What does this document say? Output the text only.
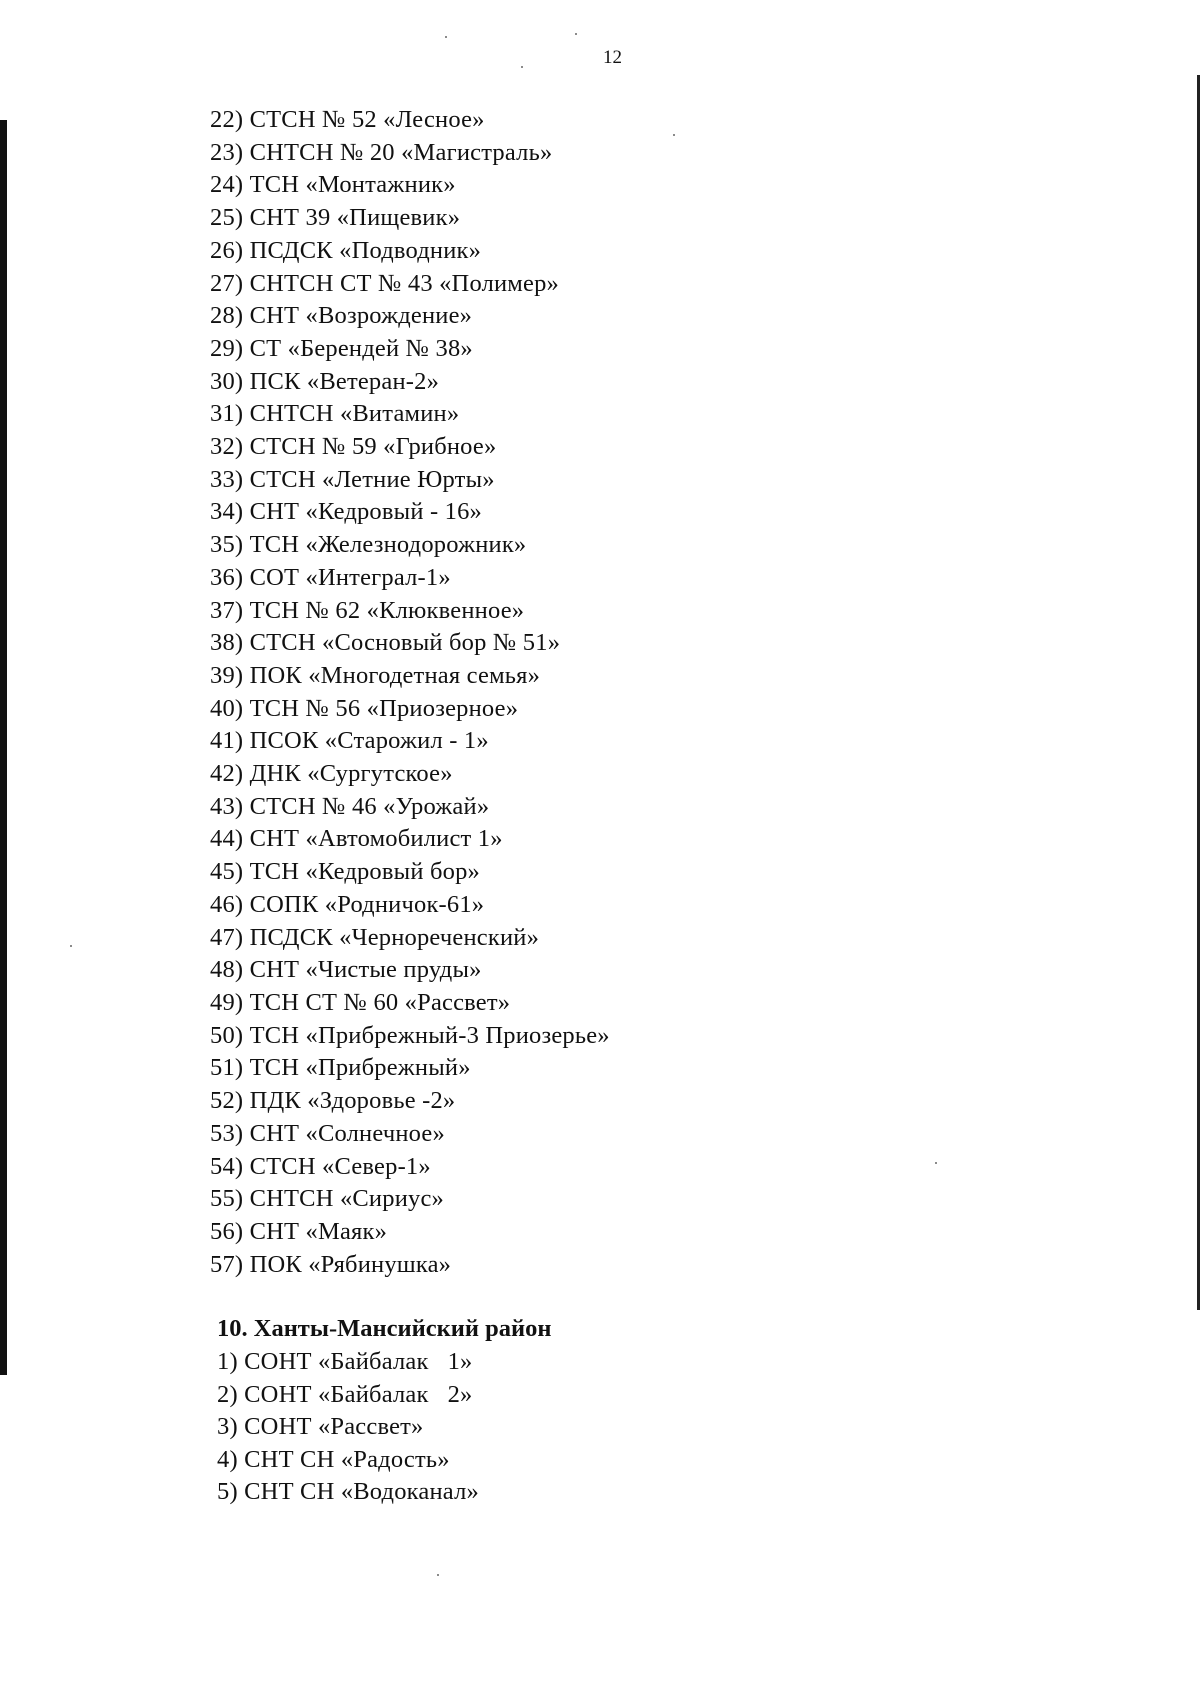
12
22) СТСН № 52 «Лесное»
23) СНТСН № 20 «Магистраль»
24) ТСН «Монтажник»
25) СНТ 39 «Пищевик»
26) ПСДСК «Подводник»
27) СНТСН СТ № 43 «Полимер»
28) СНТ «Возрождение»
29) СТ «Берендей № 38»
30) ПСК «Ветеран-2»
31) СНТСН «Витамин»
32) СТСН № 59 «Грибное»
33) СТСН «Летние Юрты»
34) СНТ «Кедровый - 16»
35) ТСН «Железнодорожник»
36) СОТ «Интеграл-1»
37) ТСН № 62 «Клюквенное»
38) СТСН «Сосновый бор № 51»
39) ПОК «Многодетная семья»
40) ТСН № 56 «Приозерное»
41) ПСОК «Старожил - 1»
42) ДНК «Сургутское»
43) СТСН № 46 «Урожай»
44) СНТ «Автомобилист 1»
45) ТСН «Кедровый бор»
46) СОПК «Родничок-61»
47) ПСДСК «Чернореченский»
48) СНТ «Чистые пруды»
49) ТСН СТ № 60 «Рассвет»
50) ТСН «Прибрежный-3 Приозерье»
51) ТСН «Прибрежный»
52) ПДК «Здоровье -2»
53) СНТ «Солнечное»
54) СТСН «Север-1»
55) СНТСН «Сириус»
56) СНТ «Маяк»
57) ПОК «Рябинушка»
10. Ханты-Мансийский район
1) СОНТ «Байбалак   1»
2) СОНТ «Байбалак   2»
3) СОНТ «Рассвет»
4) СНТ СН «Радость»
5) СНТ СН «Водоканал»
